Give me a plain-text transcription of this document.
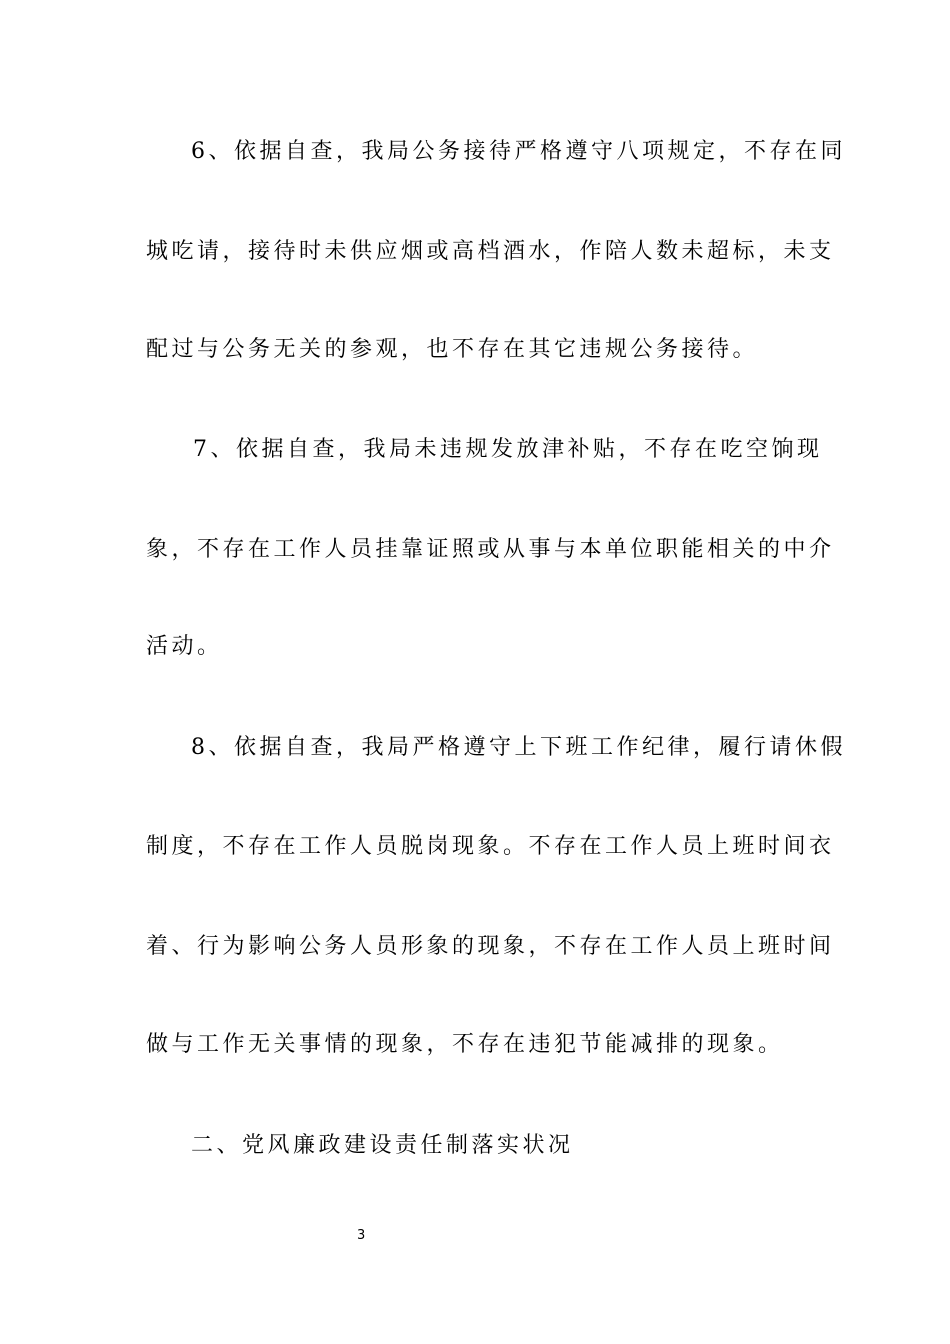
6、依据自查，我局公务接待严格遵守八项规定，不存在同
城吃请，接待时未供应烟或高档酒水，作陪人数未超标，未支
配过与公务无关的参观，也不存在其它违规公务接待。
7、依据自查，我局未违规发放津补贴，不存在吃空饷现
象，不存在工作人员挂靠证照或从事与本单位职能相关的中介
活动。
8、依据自查，我局严格遵守上下班工作纪律，履行请休假
制度，不存在工作人员脱岗现象。不存在工作人员上班时间衣
着、行为影响公务人员形象的现象，不存在工作人员上班时间
做与工作无关事情的现象，不存在违犯节能减排的现象。
二、党风廉政建设责任制落实状况
3
